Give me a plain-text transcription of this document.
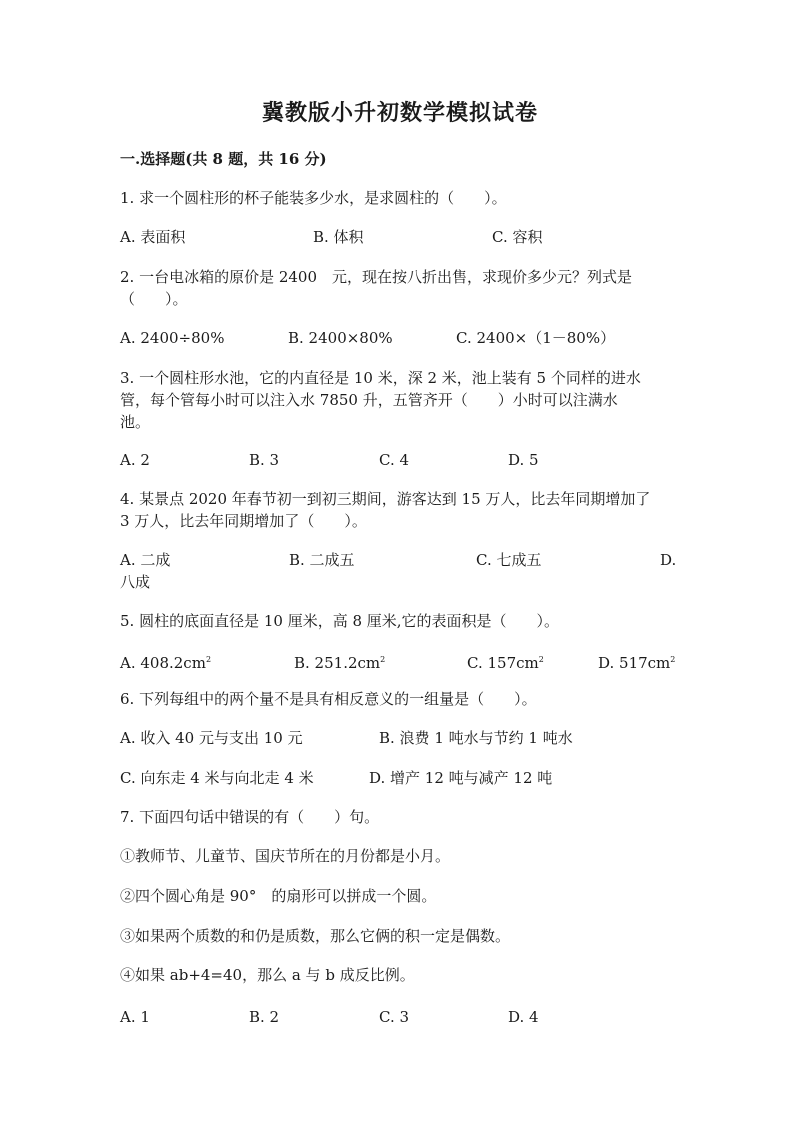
冀教版小升初数学模拟试卷
一.选择题(共 8 题，共 16 分)
1. 求一个圆柱形的杯子能装多少水，是求圆柱的（　　）。
A. 表面积	B. 体积	C. 容积
2. 一台电冰箱的原价是 2400　元，现在按八折出售，求现价多少元？列式是
（　　）。
A. 2400÷80%	B. 2400×80%	C. 2400×（1－80%）
3. 一个圆柱形水池，它的内直径是 10 米，深 2 米，池上装有 5 个同样的进水
管，每个管每小时可以注入水 7850 升，五管齐开（　　）小时可以注满水
池。
A. 2	B. 3	C. 4	D. 5
4. 某景点 2020 年春节初一到初三期间，游客达到 15 万人，比去年同期增加了
3 万人，比去年同期增加了（　　）。
A. 二成	B. 二成五	C. 七成五	D.
八成
5. 圆柱的底面直径是 10 厘米，高 8 厘米,它的表面积是（　　）。
A. $408.2cm^2$	B. $251.2cm^2$	C. $157cm^2$	D. $517cm^2$
6. 下列每组中的两个量不是具有相反意义的一组量是（　　）。
A. 收入 40 元与支出 10 元	B. 浪费 1 吨水与节约 1 吨水
C. 向东走 4 米与向北走 4 米	D. 增产 12 吨与减产 12 吨
7. 下面四句话中错误的有（　　）句。
①教师节、儿童节、国庆节所在的月份都是小月。
②四个圆心角是 90°　的扇形可以拼成一个圆。
③如果两个质数的和仍是质数，那么它俩的积一定是偶数。
④如果 ab+4=40，那么 a 与 b 成反比例。
A. 1	B. 2	C. 3	D. 4
